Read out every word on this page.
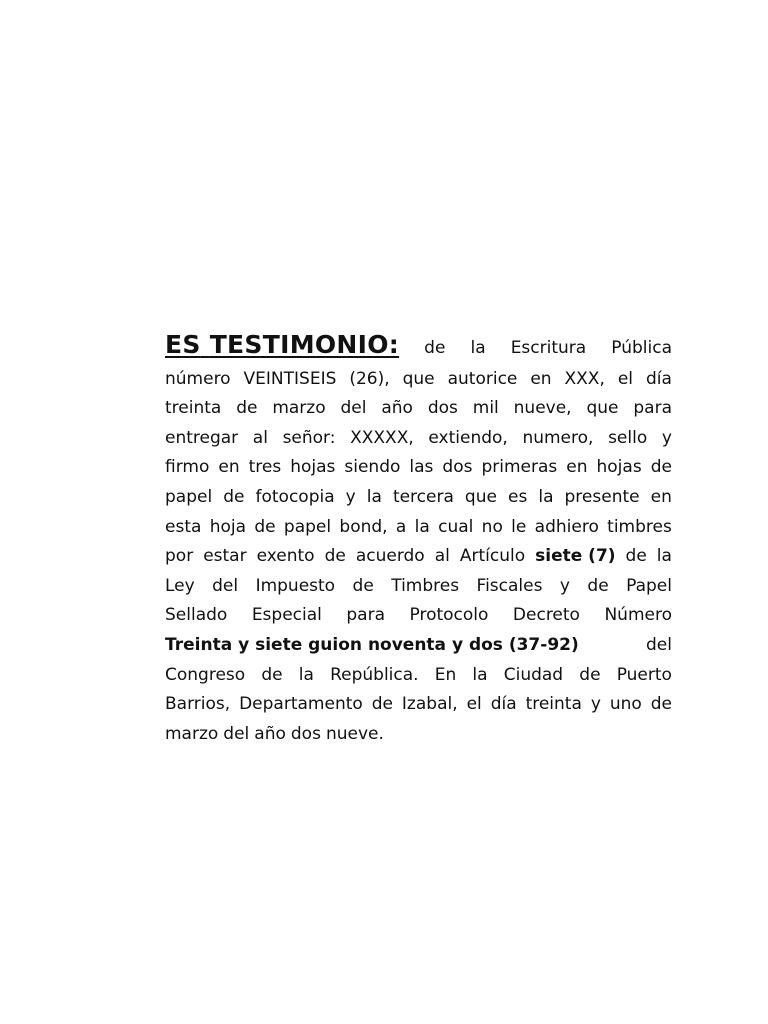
ES TESTIMONIO: de la Escritura Pública
número VEINTISEIS (26), que autorice en XXX, el día
treinta de marzo del año dos mil nueve, que para
entregar al señor: XXXXX, extiendo, numero, sello y
firmo en tres hojas siendo las dos primeras en hojas de
papel de fotocopia y la tercera que es la presente en
esta hoja de papel bond, a la cual no le adhiero timbres
por estar exento de acuerdo al Artículo siete (7) de la
Ley del Impuesto de Timbres Fiscales y de Papel
Sellado Especial para Protocolo Decreto Número
Treinta y siete guion noventa y dos (37-92)	del
Congreso de la República. En la Ciudad de Puerto
Barrios, Departamento de Izabal, el día treinta y uno de
marzo del año dos nueve.
